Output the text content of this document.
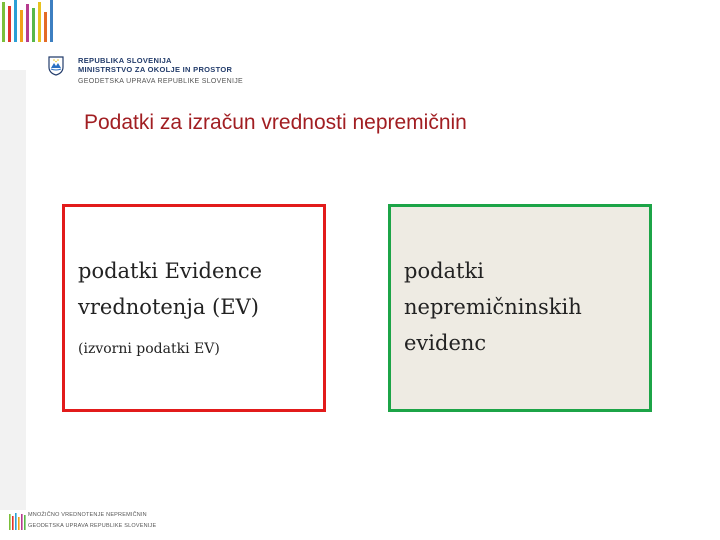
REPUBLIKA SLOVENIJA
MINISTRSTVO ZA OKOLJE IN PROSTOR
GEODETSKA UPRAVA REPUBLIKE SLOVENIJE
Podatki za izračun vrednosti nepremičnin
podatki Evidence vrednotenja (EV)
(izvorni podatki EV)
podatki nepremičninskih evidenc
MNOŽIČNO VREDNOTENJE NEPREMIČNIN
GEODETSKA UPRAVA REPUBLIKE SLOVENIJE
